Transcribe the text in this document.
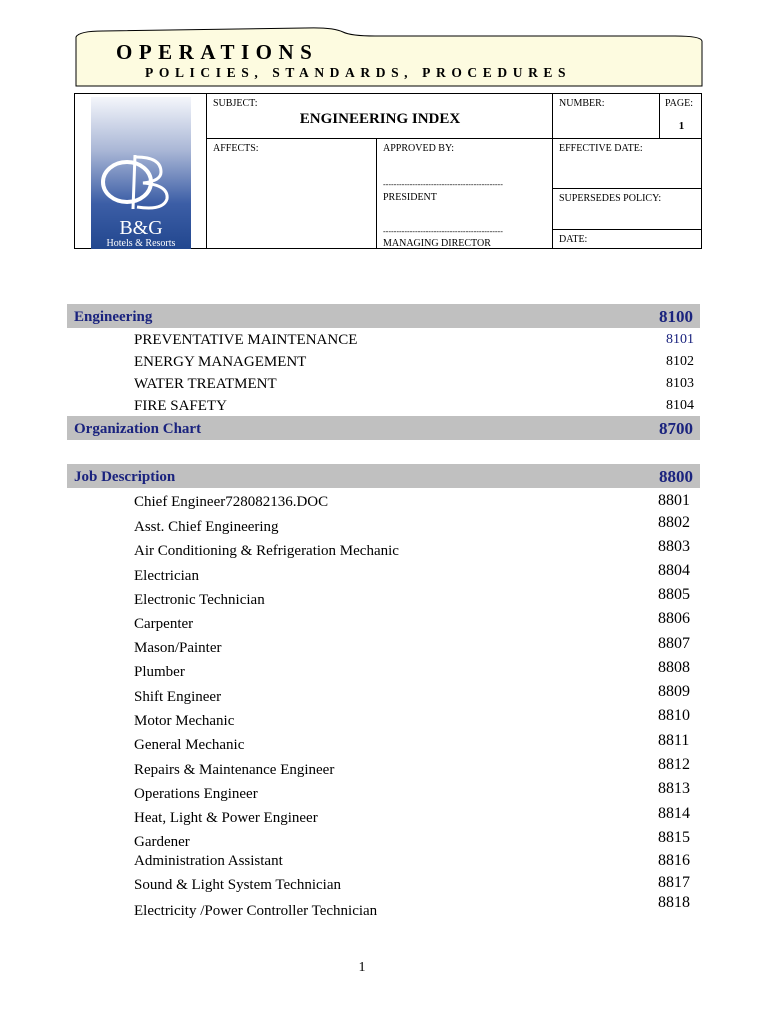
OPERATIONS
POLICIES, STANDARDS, PROCEDURES
B&G
Hotels & Resorts
SUBJECT:
ENGINEERING INDEX
NUMBER:	PAGE:
1
AFFECTS:	APPROVED BY:
---------------------------------------------
PRESIDENT
---------------------------------------------
MANAGING DIRECTOR
EFFECTIVE DATE:
SUPERSEDES POLICY:
DATE:
Engineering	8100
PREVENTATIVE MAINTENANCE	8101
ENERGY MANAGEMENT	8102
WATER TREATMENT	8103
FIRE SAFETY	8104
Organization Chart	8700
Job Description	8800
Chief Engineer728082136.DOC	8801
Asst. Chief Engineering	8802
Air Conditioning & Refrigeration Mechanic	8803
Electrician	8804
Electronic Technician	8805
Carpenter	8806
Mason/Painter	8807
Plumber	8808
Shift Engineer	8809
Motor Mechanic	8810
General Mechanic	8811
Repairs & Maintenance Engineer	8812
Operations Engineer	8813
Heat, Light & Power Engineer	8814
Gardener	8815
Administration Assistant	8816
Sound & Light System Technician	8817
Electricity /Power Controller Technician	8818
1
